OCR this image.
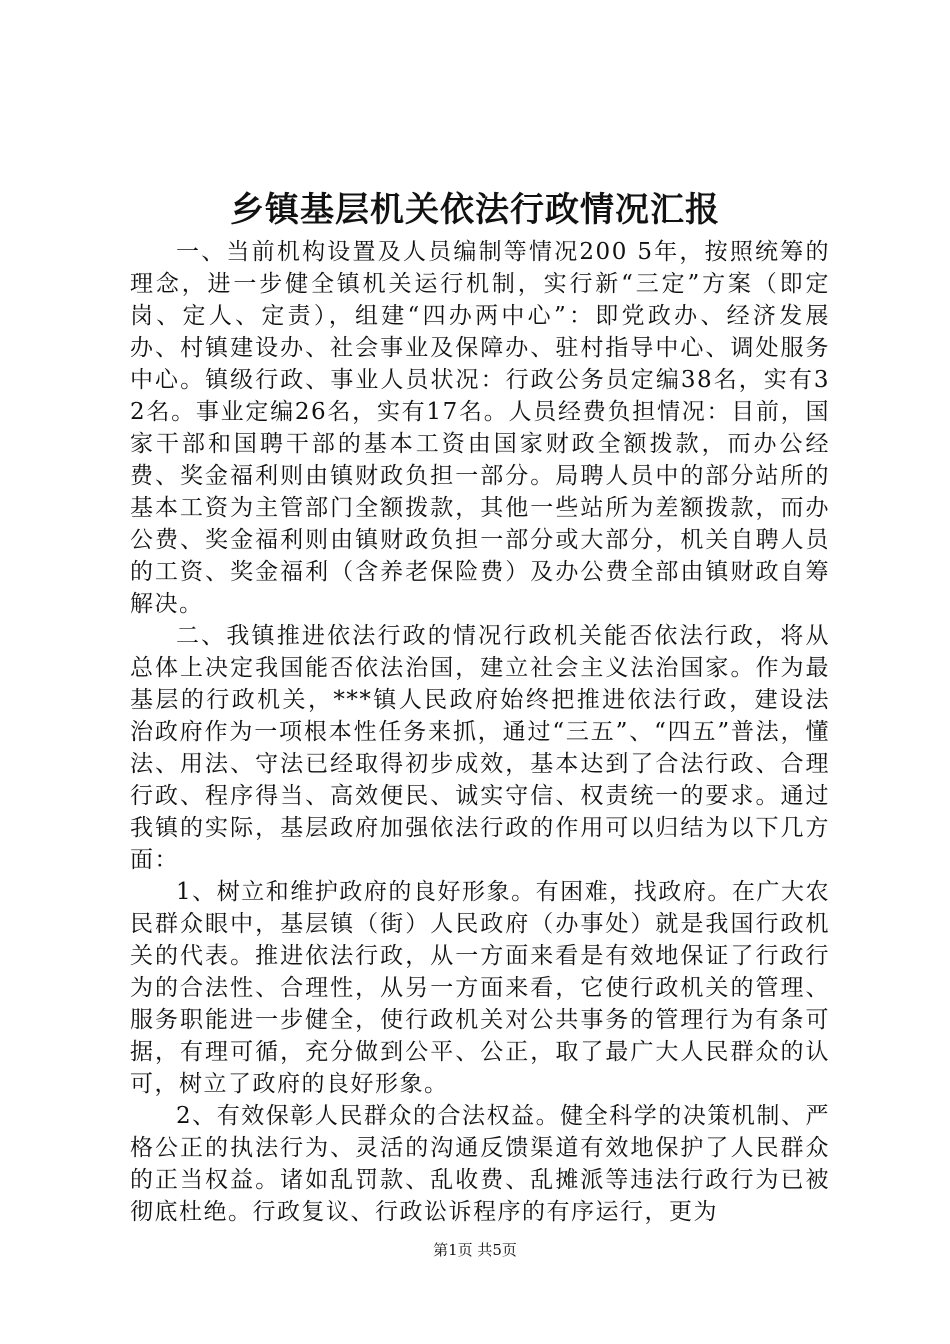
乡镇基层机关依法行政情况汇报

一、当前机构设置及人员编制等情况200 5年，按照统筹的理念，进一步健全镇机关运行机制，实行新“三定”方案（即定岗、定人、定责），组建“四办两中心”：即党政办、经济发展办、村镇建设办、社会事业及保障办、驻村指导中心、调处服务中心。镇级行政、事业人员状况：行政公务员定编38名，实有32名。事业定编26名，实有17名。人员经费负担情况：目前，国家干部和国聘干部的基本工资由国家财政全额拨款，而办公经费、奖金福利则由镇财政负担一部分。局聘人员中的部分站所的基本工资为主管部门全额拨款，其他一些站所为差额拨款，而办公费、奖金福利则由镇财政负担一部分或大部分，机关自聘人员的工资、奖金福利（含养老保险费）及办公费全部由镇财政自筹解决。

二、我镇推进依法行政的情况行政机关能否依法行政，将从总体上决定我国能否依法治国，建立社会主义法治国家。作为最基层的行政机关，***镇人民政府始终把推进依法行政，建设法治政府作为一项根本性任务来抓，通过“三五”、“四五”普法，懂法、用法、守法已经取得初步成效，基本达到了合法行政、合理行政、程序得当、高效便民、诚实守信、权责统一的要求。通过我镇的实际，基层政府加强依法行政的作用可以归结为以下几方面：

1、树立和维护政府的良好形象。有困难，找政府。在广大农民群众眼中，基层镇（街）人民政府（办事处）就是我国行政机关的代表。推进依法行政，从一方面来看是有效地保证了行政行为的合法性、合理性，从另一方面来看，它使行政机关的管理、服务职能进一步健全，使行政机关对公共事务的管理行为有条可据，有理可循，充分做到公平、公正，取了最广大人民群众的认可，树立了政府的良好形象。

2、有效保彰人民群众的合法权益。健全科学的决策机制、严格公正的执法行为、灵活的沟通反馈渠道有效地保护了人民群众的正当权益。诸如乱罚款、乱收费、乱摊派等违法行政行为已被彻底杜绝。行政复议、行政讼诉程序的有序运行，更为

第1页 共5页
